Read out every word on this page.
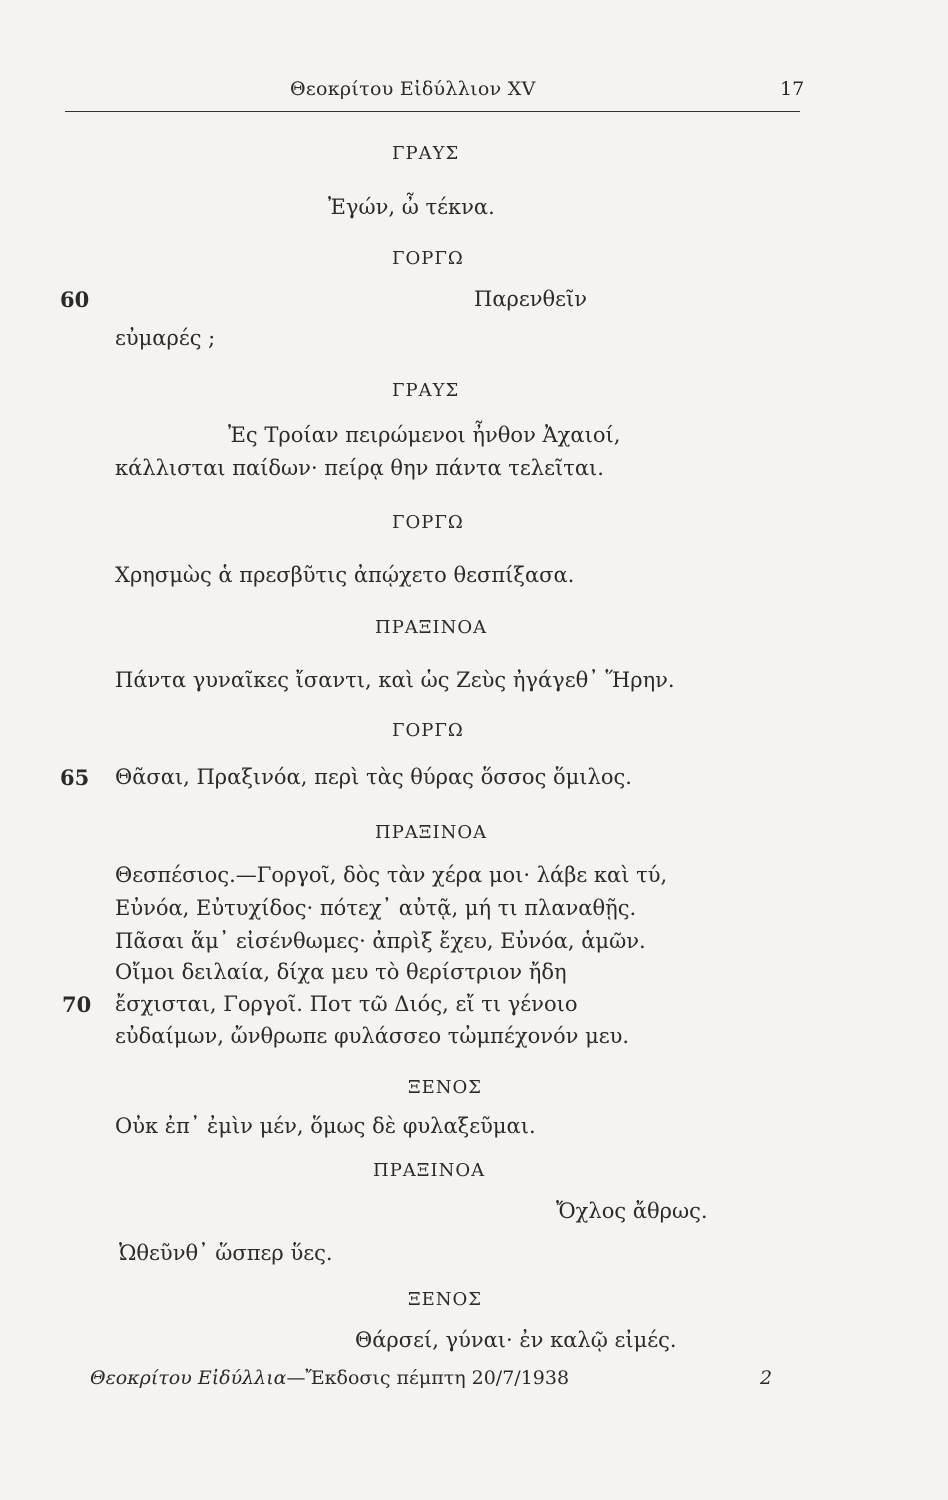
Θεοκρίτου Εἰδύλλιον XV	17
ΓΡΑΥΣ
Ἐγών, ὦ τέκνα.
ΓΟΡΓΩ
60	Παρενθεῖν
εὐμαρές ;
ΓΡΑΥΣ
Ἐς Τροίαν πειρώμενοι ἦνθον Ἀχαιοί,
κάλλισται παίδων· πείρᾳ θην πάντα τελεῖται.
ΓΟΡΓΩ
Χρησμὼς ἁ πρεσβῦτις ἀπῴχετο θεσπίξασα.
ΠΡΑΞΙΝΟΑ
Πάντα γυναῖκες ἴσαντι, καὶ ὡς Ζεὺς ἠγάγεθ᾽ Ἥρην.
ΓΟΡΓΩ
65 Θᾶσαι, Πραξινόα, περὶ τὰς θύρας ὅσσος ὅμιλος.
ΠΡΑΞΙΝΟΑ
Θεσπέσιος.—Γοργοῖ, δὸς τὰν χέρα μοι· λάβε καὶ τύ,
Εὐνόα, Εὐτυχίδος· πότεχ᾽ αὐτᾷ, μή τι πλαναθῇς.
Πᾶσαι ἅμ᾽ εἰσένθωμες· ἀπρὶξ ἔχευ, Εὐνόα, ἁμῶν.
Οἴμοι δειλαία, δίχα μευ τὸ θερίστριον ἤδη
70 ἔσχισται, Γοργοῖ. Ποτ τῶ Διός, εἴ τι γένοιο
εὐδαίμων, ὤνθρωπε φυλάσσεο τὠμπέχονόν μευ.
ΞΕΝΟΣ
Οὐκ ἐπ᾽ ἐμὶν μέν, ὅμως δὲ φυλαξεῦμαι.
ΠΡΑΞΙΝΟΑ
Ὄχλος ἄθρως.
Ὠθεῦνθ᾽ ὥσπερ ὕες.
ΞΕΝΟΣ
Θάρσεί, γύναι· ἐν καλῷ εἰμές.
Θεοκρίτου Εἰδύλλια—Ἔκδοσις πέμπτη 20/7/1938	2
